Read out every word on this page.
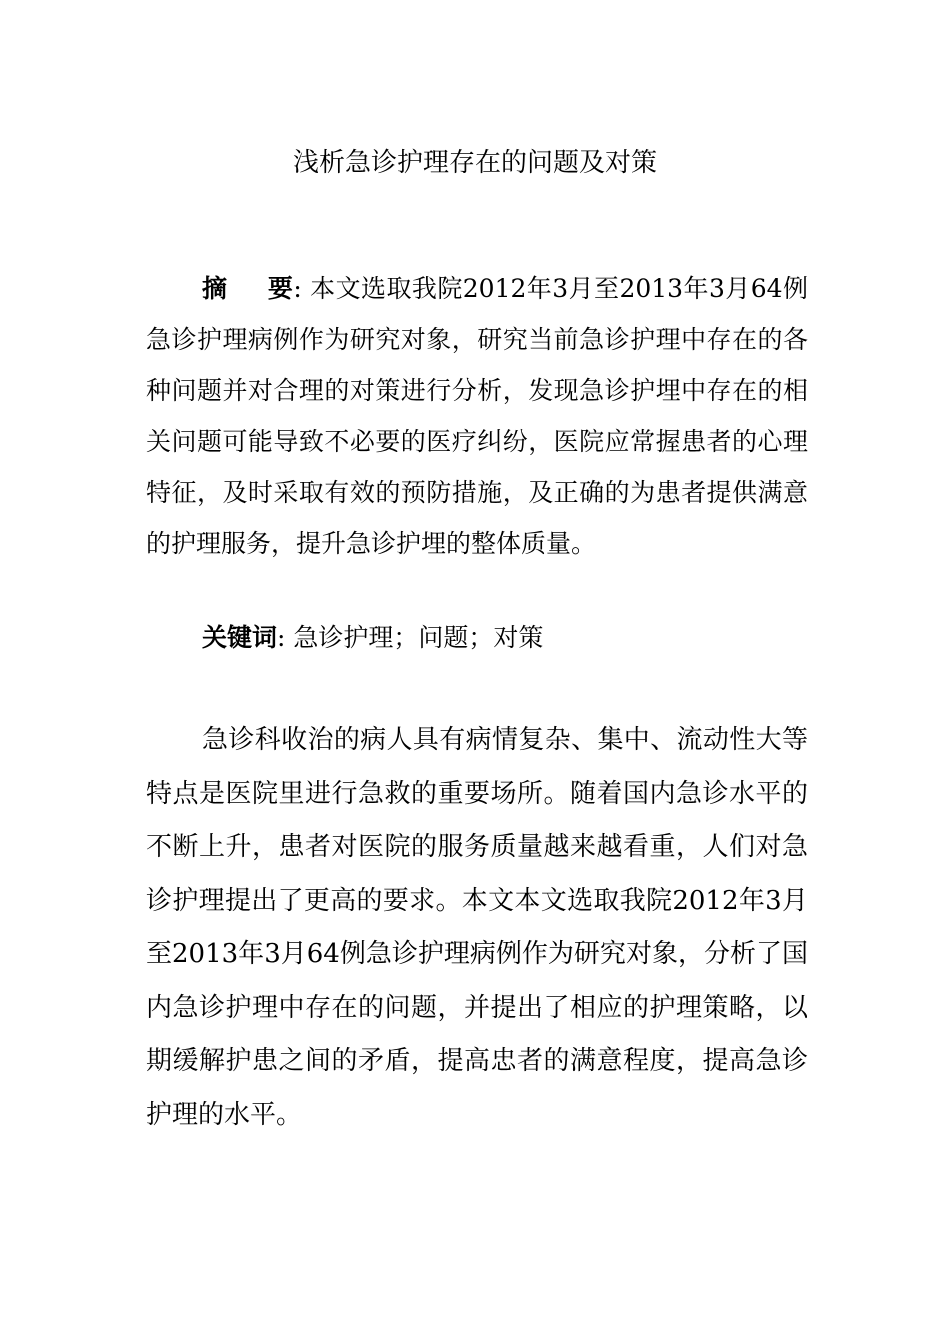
浅析急诊护理存在的问题及对策

摘 要: 本文选取我院2012年3月至2013年3月64例急诊护理病例作为研究对象，研究当前急诊护理中存在的各种问题并对合理的对策进行分析，发现急诊护埋中存在的相关问题可能导致不必要的医疗纠纷，医院应常握患者的心理特征，及时采取有效的预防措施，及正确的为患者提供满意的护理服务，提升急诊护埋的整体质量。

关键词: 急诊护理；问题；对策

急诊科收治的病人具有病情复杂、集中、流动性大等特点是医院里进行急救的重要场所。随着国内急诊水平的不断上升，患者对医院的服务质量越来越看重，人们对急诊护理提出了更高的要求。本文本文选取我院2012年3月至2013年3月64例急诊护理病例作为研究对象，分析了国内急诊护理中存在的问题，并提出了相应的护理策略，以期缓解护患之间的矛盾，提高忠者的满意程度，提高急诊护理的水平。
